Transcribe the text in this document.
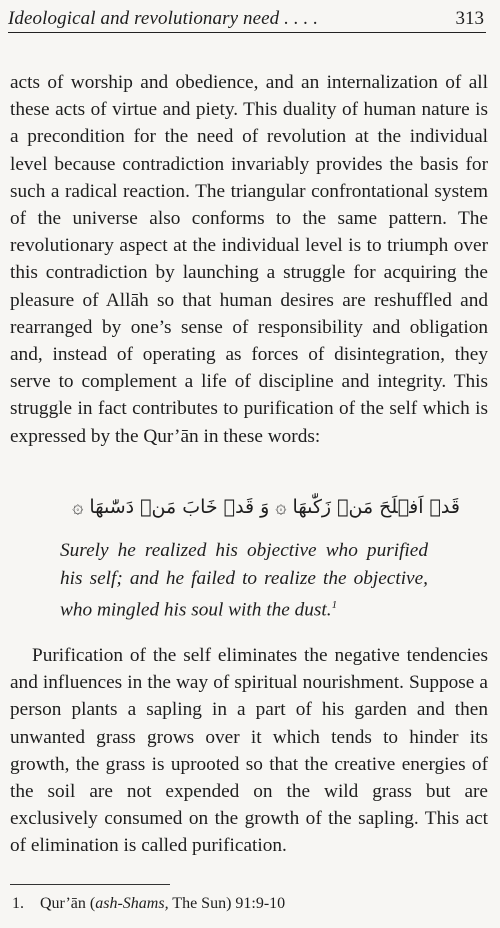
Ideological and revolutionary need . . . .	313

acts of worship and obedience, and an internalization of all these acts of virtue and piety. This duality of human nature is a precondition for the need of revolution at the individual level because contradiction invariably provides the basis for such a radical reaction. The triangular confrontational system of the universe also conforms to the same pattern. The revolutionary aspect at the individual level is to triumph over this contradiction by launching a struggle for acquiring the pleasure of Allāh so that human desires are reshuffled and rearranged by one’s sense of responsibility and obligation and, instead of operating as forces of disintegration, they serve to complement a life of discipline and integrity. This struggle in fact contributes to purification of the self which is expressed by the Qur’ān in these words:

قَدۡ اَفۡلَحَ مَنۡ زَكّٰىهَا ۞ وَ قَدۡ خَابَ مَنۡ دَسّٰىهَا ۞

Surely he realized his objective who purified his self; and he failed to realize the objective, who mingled his soul with the dust.$^1$

Purification of the self eliminates the negative tendencies and influences in the way of spiritual nourishment. Suppose a person plants a sapling in a part of his garden and then unwanted grass grows over it which tends to hinder its growth, the grass is uprooted so that the creative energies of the soil are not expended on the wild grass but are exclusively consumed on the growth of the sapling. This act of elimination is called purification.

1. Qur’ān (ash-Shams, The Sun) 91:9-10
